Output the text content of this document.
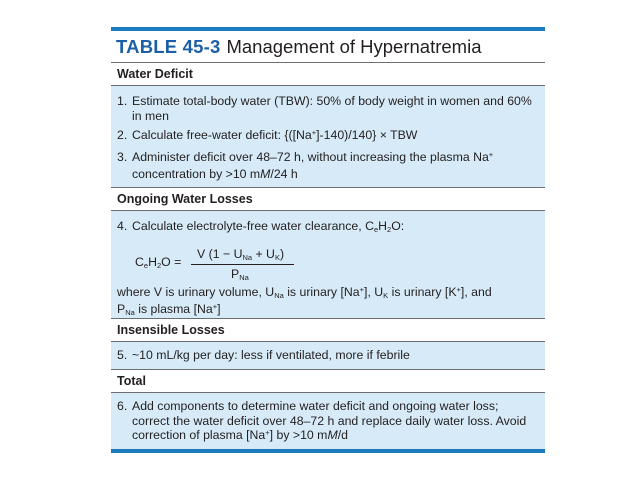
TABLE 45-3 Management of Hypernatremia
Water Deficit
1. Estimate total-body water (TBW): 50% of body weight in women and 60% in men
2. Calculate free-water deficit: {([Na+]-140)/140} × TBW
3. Administer deficit over 48–72 h, without increasing the plasma Na+ concentration by >10 mM/24 h
Ongoing Water Losses
4. Calculate electrolyte-free water clearance, CeH2O:
CeH2O =
V (1 − UNa + UK)
PNa
where V is urinary volume, UNa is urinary [Na+], UK is urinary [K+], and
PNa is plasma [Na+]
Insensible Losses
5. ~10 mL/kg per day: less if ventilated, more if febrile
Total
6. Add components to determine water deficit and ongoing water loss; correct the water deficit over 48–72 h and replace daily water loss. Avoid correction of plasma [Na+] by >10 mM/d
